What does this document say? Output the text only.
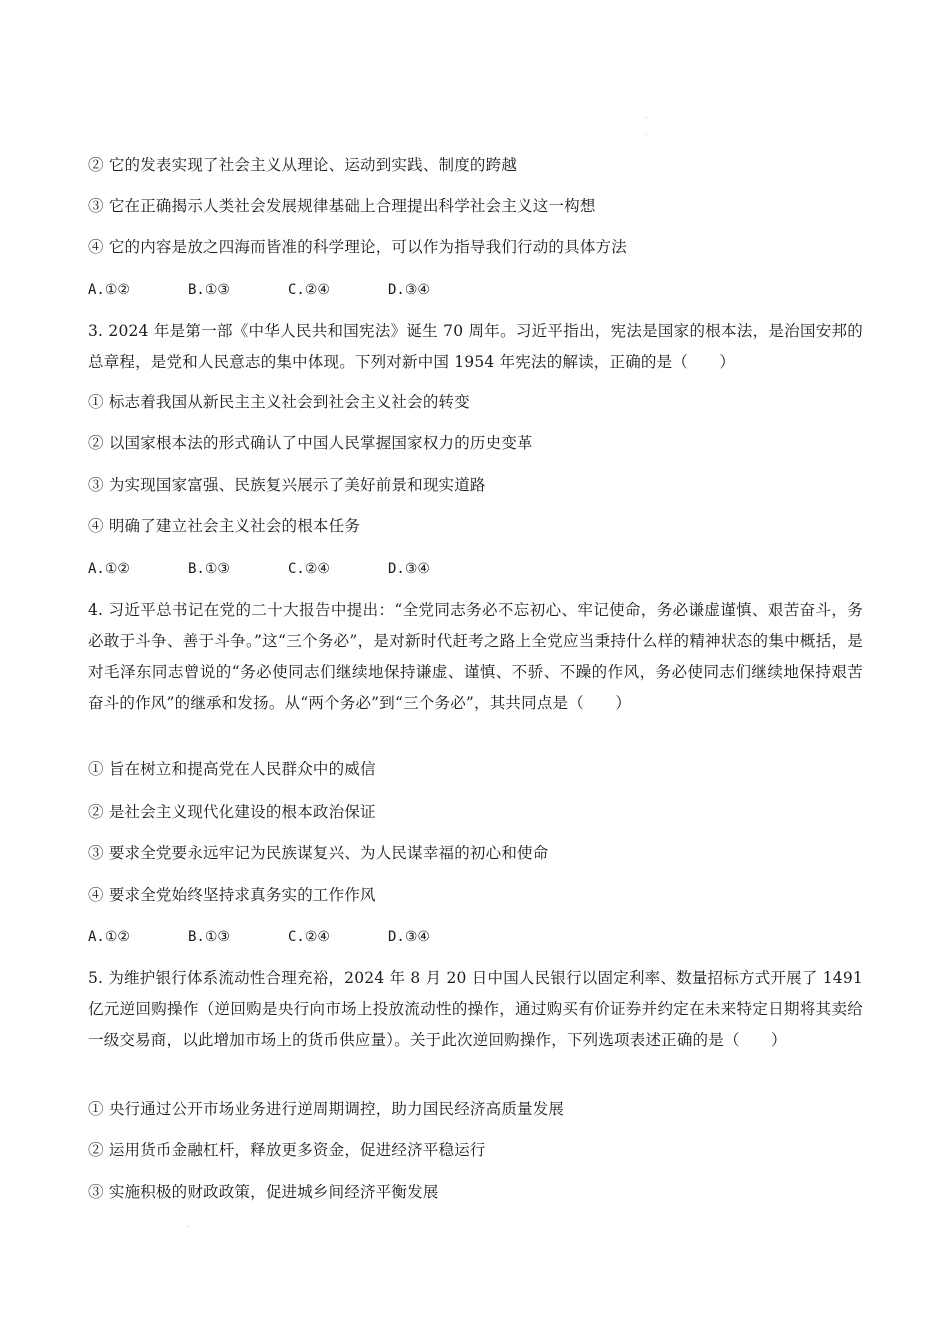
② 它的发表实现了社会主义从理论、运动到实践、制度的跨越
③ 它在正确揭示人类社会发展规律基础上合理提出科学社会主义这一构想
④ 它的内容是放之四海而皆准的科学理论，可以作为指导我们行动的具体方法
A.①②	B.①③	C.②④	D.③④
3. 2024 年是第一部《中华人民共和国宪法》诞生 70 周年。习近平指出，宪法是国家的根本法，是治国安邦的总章程，是党和人民意志的集中体现。下列对新中国 1954 年宪法的解读，正确的是（　　）
① 标志着我国从新民主主义社会到社会主义社会的转变
② 以国家根本法的形式确认了中国人民掌握国家权力的历史变革
③ 为实现国家富强、民族复兴展示了美好前景和现实道路
④ 明确了建立社会主义社会的根本任务
A.①②	B.①③	C.②④	D.③④
4. 习近平总书记在党的二十大报告中提出：“全党同志务必不忘初心、牢记使命，务必谦虚谨慎、艰苦奋斗，务必敢于斗争、善于斗争。”这“三个务必”，是对新时代赶考之路上全党应当秉持什么样的精神状态的集中概括，是对毛泽东同志曾说的“务必使同志们继续地保持谦虚、谨慎、不骄、不躁的作风，务必使同志们继续地保持艰苦奋斗的作风”的继承和发扬。从“两个务必”到“三个务必”，其共同点是（　　）
① 旨在树立和提高党在人民群众中的威信
② 是社会主义现代化建设的根本政治保证
③ 要求全党要永远牢记为民族谋复兴、为人民谋幸福的初心和使命
④ 要求全党始终坚持求真务实的工作作风
A.①②	B.①③	C.②④	D.③④
5. 为维护银行体系流动性合理充裕，2024 年 8 月 20 日中国人民银行以固定利率、数量招标方式开展了 1491 亿元逆回购操作（逆回购是央行向市场上投放流动性的操作，通过购买有价证券并约定在未来特定日期将其卖给一级交易商，以此增加市场上的货币供应量）。关于此次逆回购操作，下列选项表述正确的是（　　）
① 央行通过公开市场业务进行逆周期调控，助力国民经济高质量发展
② 运用货币金融杠杆，释放更多资金，促进经济平稳运行
③ 实施积极的财政政策，促进城乡间经济平衡发展
